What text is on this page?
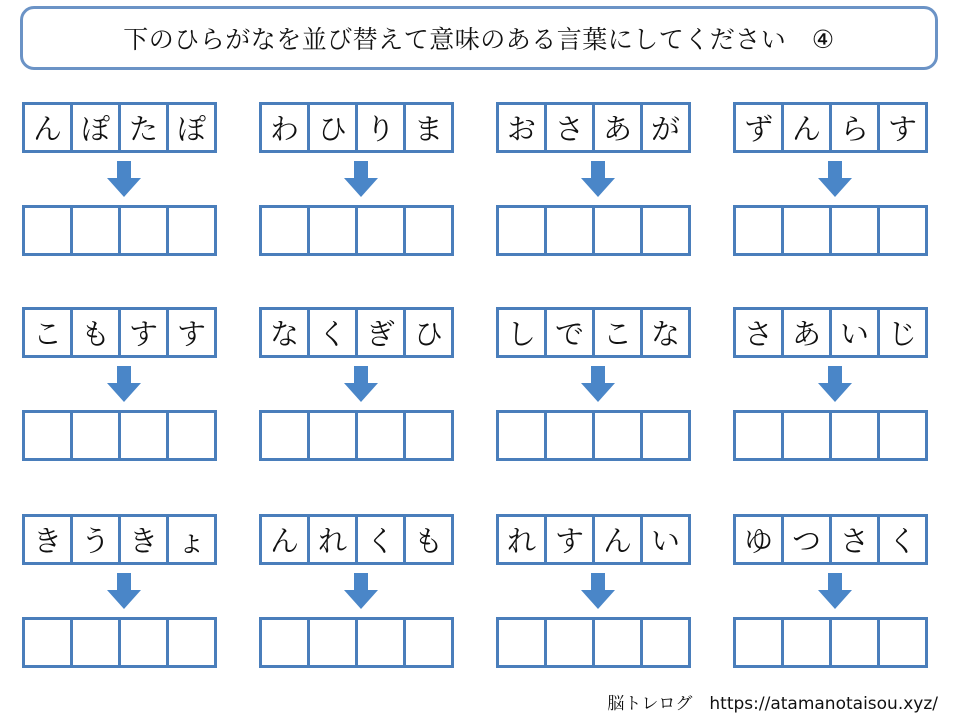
下のひらがなを並び替えて意味のある言葉にしてください　④
ん ぽ た ぽ	わ ひ り ま	お さ あ が	ず ん ら す
こ も す す	な く ぎ ひ	し で こ な	さ あ い じ
き う き ょ	ん れ く も	れ す ん い	ゆ つ さ く
脳トレログ　https://atamanotaisou.xyz/
